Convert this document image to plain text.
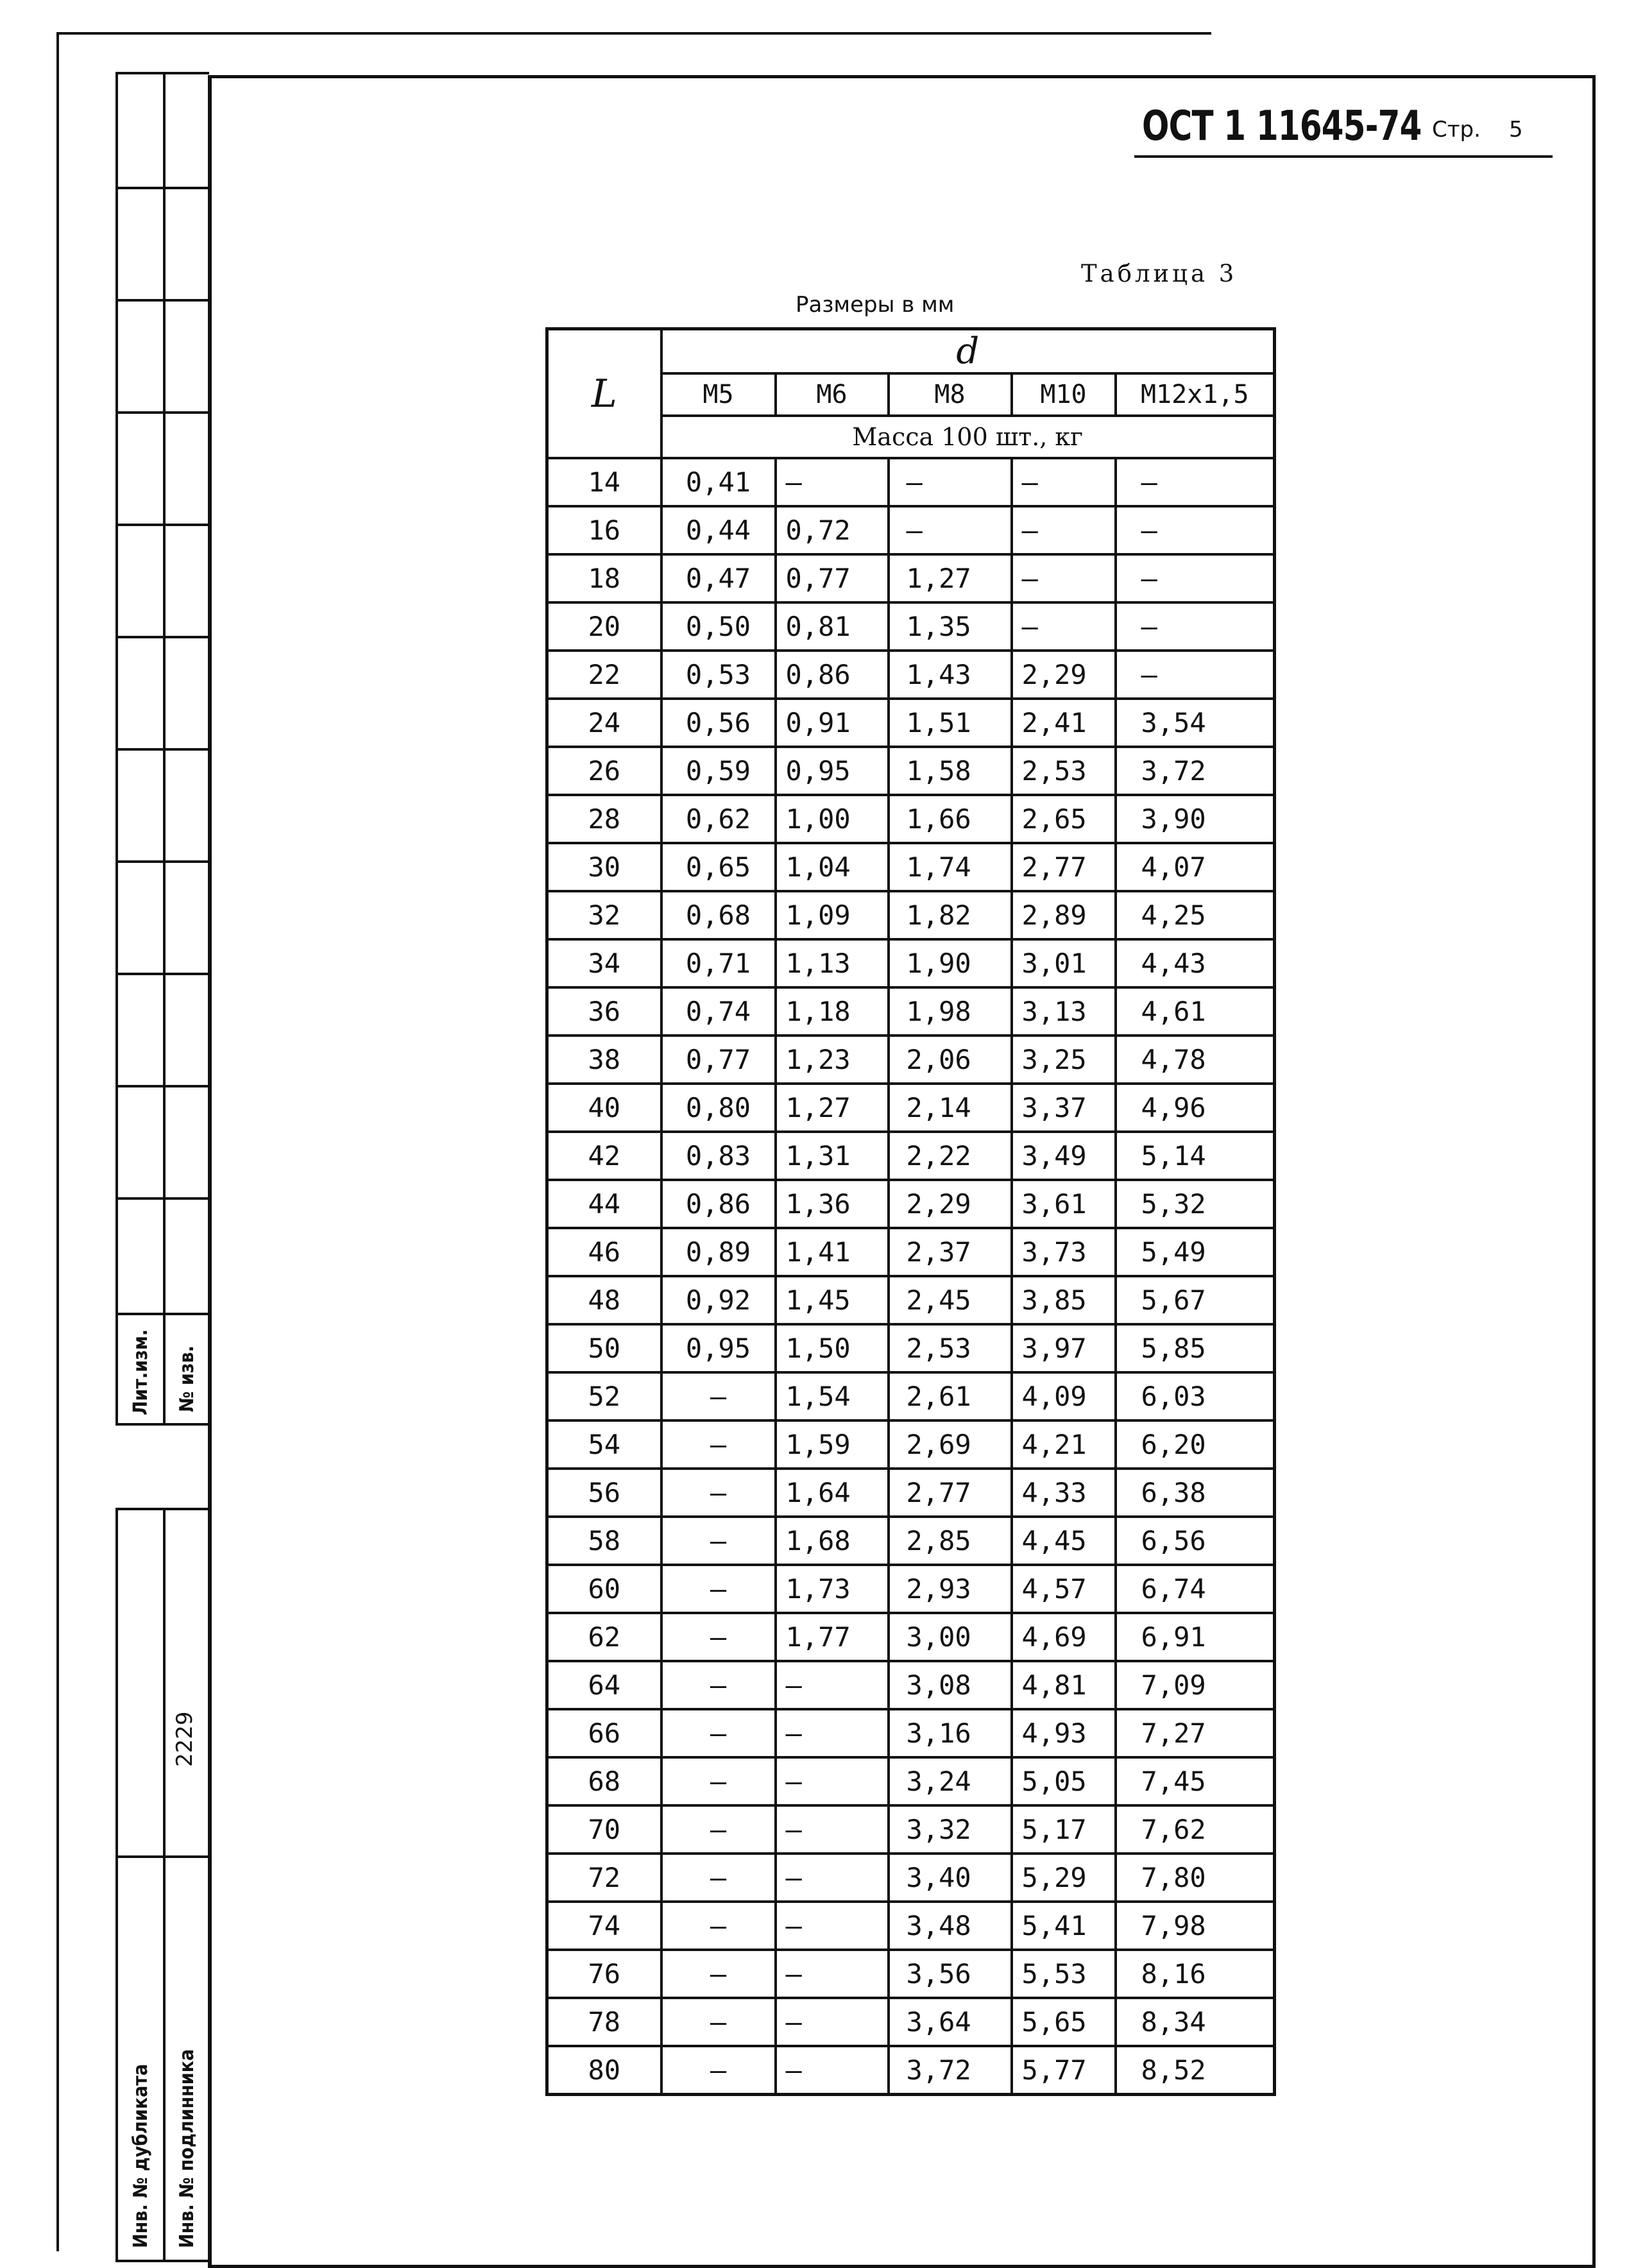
Лит.изм. № изв.
2229
Инв. № дубликата Инв. № подлинника
ОСТ 1 11645-74 Стр. 5
Таблица 3
Размеры в мм
L	d				
	M5	M6	M8	M10	M12x1,5
	Масса 100 шт., кг				
14	0,41	–	–	–	–
16	0,44	0,72	–	–	–
18	0,47	0,77	1,27	–	–
20	0,50	0,81	1,35	–	–
22	0,53	0,86	1,43	2,29	–
24	0,56	0,91	1,51	2,41	3,54
26	0,59	0,95	1,58	2,53	3,72
28	0,62	1,00	1,66	2,65	3,90
30	0,65	1,04	1,74	2,77	4,07
32	0,68	1,09	1,82	2,89	4,25
34	0,71	1,13	1,90	3,01	4,43
36	0,74	1,18	1,98	3,13	4,61
38	0,77	1,23	2,06	3,25	4,78
40	0,80	1,27	2,14	3,37	4,96
42	0,83	1,31	2,22	3,49	5,14
44	0,86	1,36	2,29	3,61	5,32
46	0,89	1,41	2,37	3,73	5,49
48	0,92	1,45	2,45	3,85	5,67
50	0,95	1,50	2,53	3,97	5,85
52	–	1,54	2,61	4,09	6,03
54	–	1,59	2,69	4,21	6,20
56	–	1,64	2,77	4,33	6,38
58	–	1,68	2,85	4,45	6,56
60	–	1,73	2,93	4,57	6,74
62	–	1,77	3,00	4,69	6,91
64	–	–	3,08	4,81	7,09
66	–	–	3,16	4,93	7,27
68	–	–	3,24	5,05	7,45
70	–	–	3,32	5,17	7,62
72	–	–	3,40	5,29	7,80
74	–	–	3,48	5,41	7,98
76	–	–	3,56	5,53	8,16
78	–	–	3,64	5,65	8,34
80	–	–	3,72	5,77	8,52
